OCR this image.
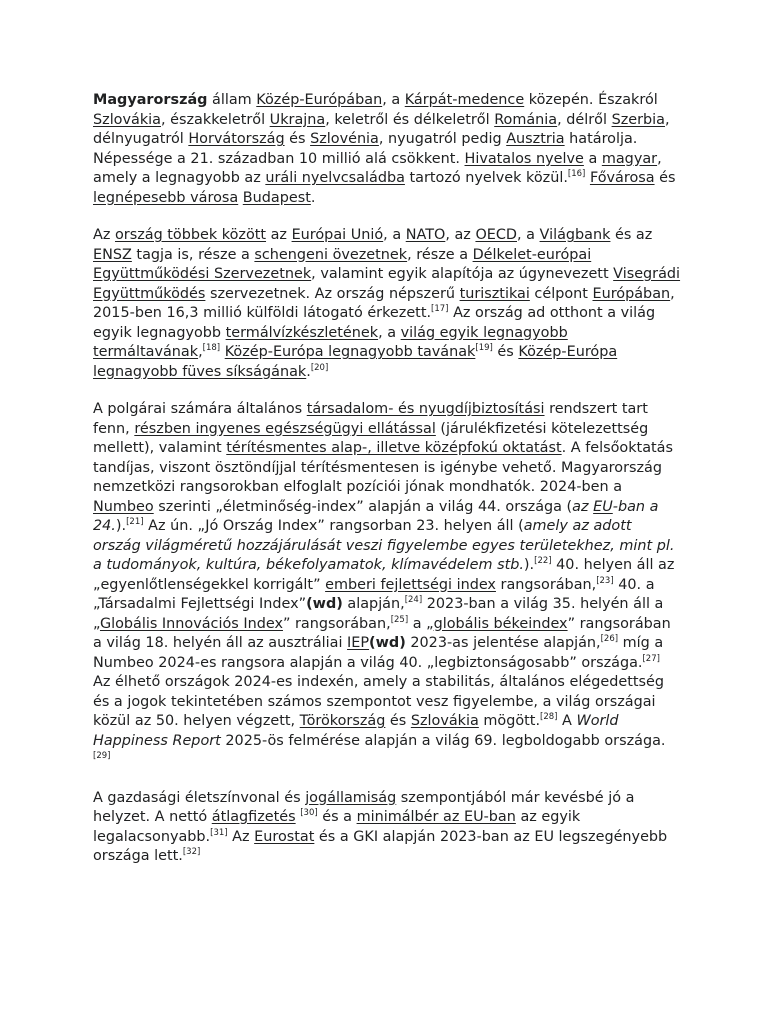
Magyarország állam Közép-Európában, a Kárpát-medence közepén. Északról Szlovákia, északkeletről Ukrajna, keletről és délkeletről Románia, délről Szerbia, délnyugatról Horvátország és Szlovénia, nyugatról pedig Ausztria határolja. Népessége a 21. században 10 millió alá csökkent. Hivatalos nyelve a magyar, amely a legnagyobb az uráli nyelvcsaládba tartozó nyelvek közül.[16] Fővárosa és legnépesebb városa Budapest.

Az ország többek között az Európai Unió, a NATO, az OECD, a Világbank és az ENSZ tagja is, része a schengeni övezetnek, része a Délkelet-európai Együttműködési Szervezetnek, valamint egyik alapítója az úgynevezett Visegrádi Együttműködés szervezetnek. Az ország népszerű turisztikai célpont Európában, 2015-ben 16,3 millió külföldi látogató érkezett.[17] Az ország ad otthont a világ egyik legnagyobb termálvízkészletének, a világ egyik legnagyobb termáltavának,[18] Közép-Európa legnagyobb tavának[19] és Közép-Európa legnagyobb füves síkságának.[20]

A polgárai számára általános társadalom- és nyugdíjbiztosítási rendszert tart fenn, részben ingyenes egészségügyi ellátással (járulékfizetési kötelezettség mellett), valamint térítésmentes alap-, illetve középfokú oktatást. A felsőoktatás tandíjas, viszont ösztöndíjjal térítésmentesen is igénybe vehető. Magyarország nemzetközi rangsorokban elfoglalt pozíciói jónak mondhatók. 2024-ben a Numbeo szerinti „életminőség-index” alapján a világ 44. országa (az EU-ban a 24.).[21] Az ún. „Jó Ország Index” rangsorban 23. helyen áll (amely az adott ország világméretű hozzájárulását veszi figyelembe egyes területekhez, mint pl. a tudományok, kultúra, békefolyamatok, klímavédelem stb.).[22] 40. helyen áll az „egyenlőtlenségekkel korrigált” emberi fejlettségi index rangsorában,[23] 40. a „Társadalmi Fejlettségi Index”(wd) alapján,[24] 2023-ban a világ 35. helyén áll a „Globális Innovációs Index” rangsorában,[25] a „globális békeindex” rangsorában a világ 18. helyén áll az ausztráliai IEP(wd) 2023-as jelentése alapján,[26] míg a Numbeo 2024-es rangsora alapján a világ 40. „legbiztonságosabb” országa.[27] Az élhető országok 2024-es indexén, amely a stabilitás, általános elégedettség és a jogok tekintetében számos szempontot vesz figyelembe, a világ országai közül az 50. helyen végzett, Törökország és Szlovákia mögött.[28] A World Happiness Report 2025-ös felmérése alapján a világ 69. legboldogabb országa.[29]

A gazdasági életszínvonal és jogállamiság szempontjából már kevésbé jó a helyzet. A nettó átlagfizetés [30] és a minimálbér az EU-ban az egyik legalacsonyabb.[31] Az Eurostat és a GKI alapján 2023-ban az EU legszegényebb országa lett.[32]
